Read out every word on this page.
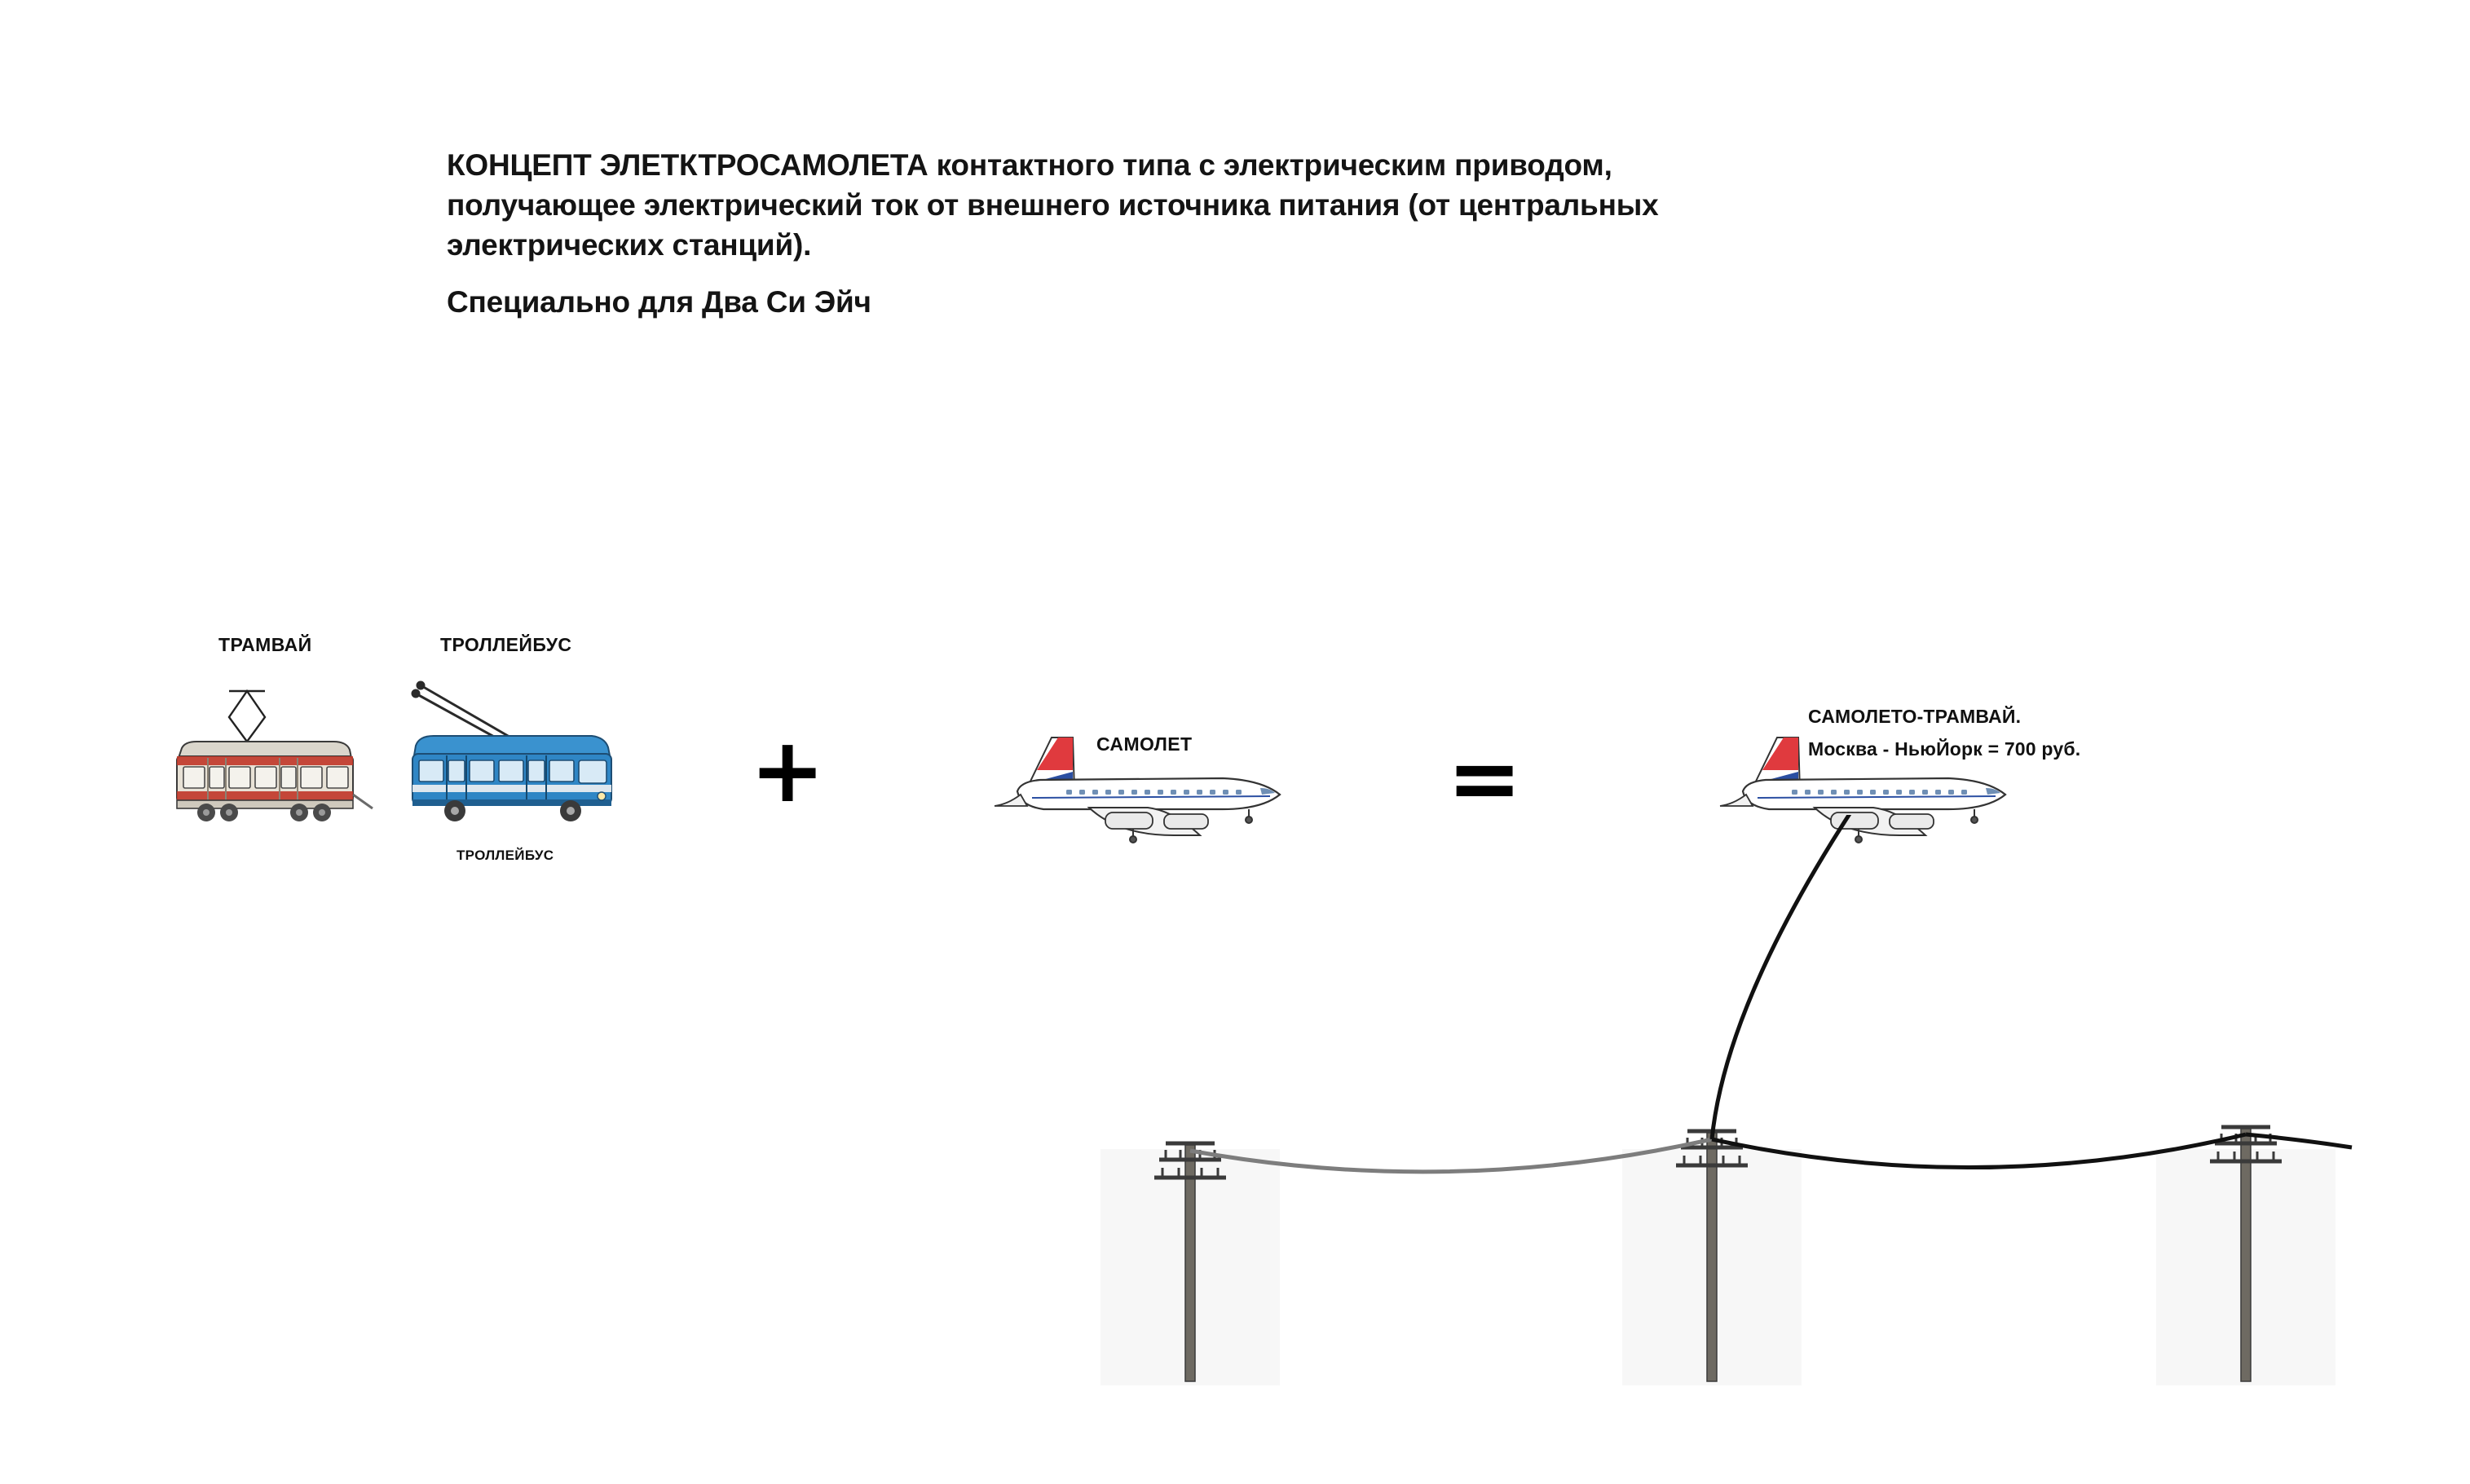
КОНЦЕПТ ЭЛЕТКТРОСАМОЛЕТА контактного типа с электрическим приводом,
получающее электрический ток от внешнего источника питания (от центральных
электрических станций).
Специально для Два Си Эйч
ТРАМВАЙ	ТРОЛЛЕЙБУС
ТРОЛЛЕЙБУС
САМОЛЕТ
САМОЛЕТО-ТРАМВАЙ.
Москва - НьюЙорк = 700 руб.
+	=
